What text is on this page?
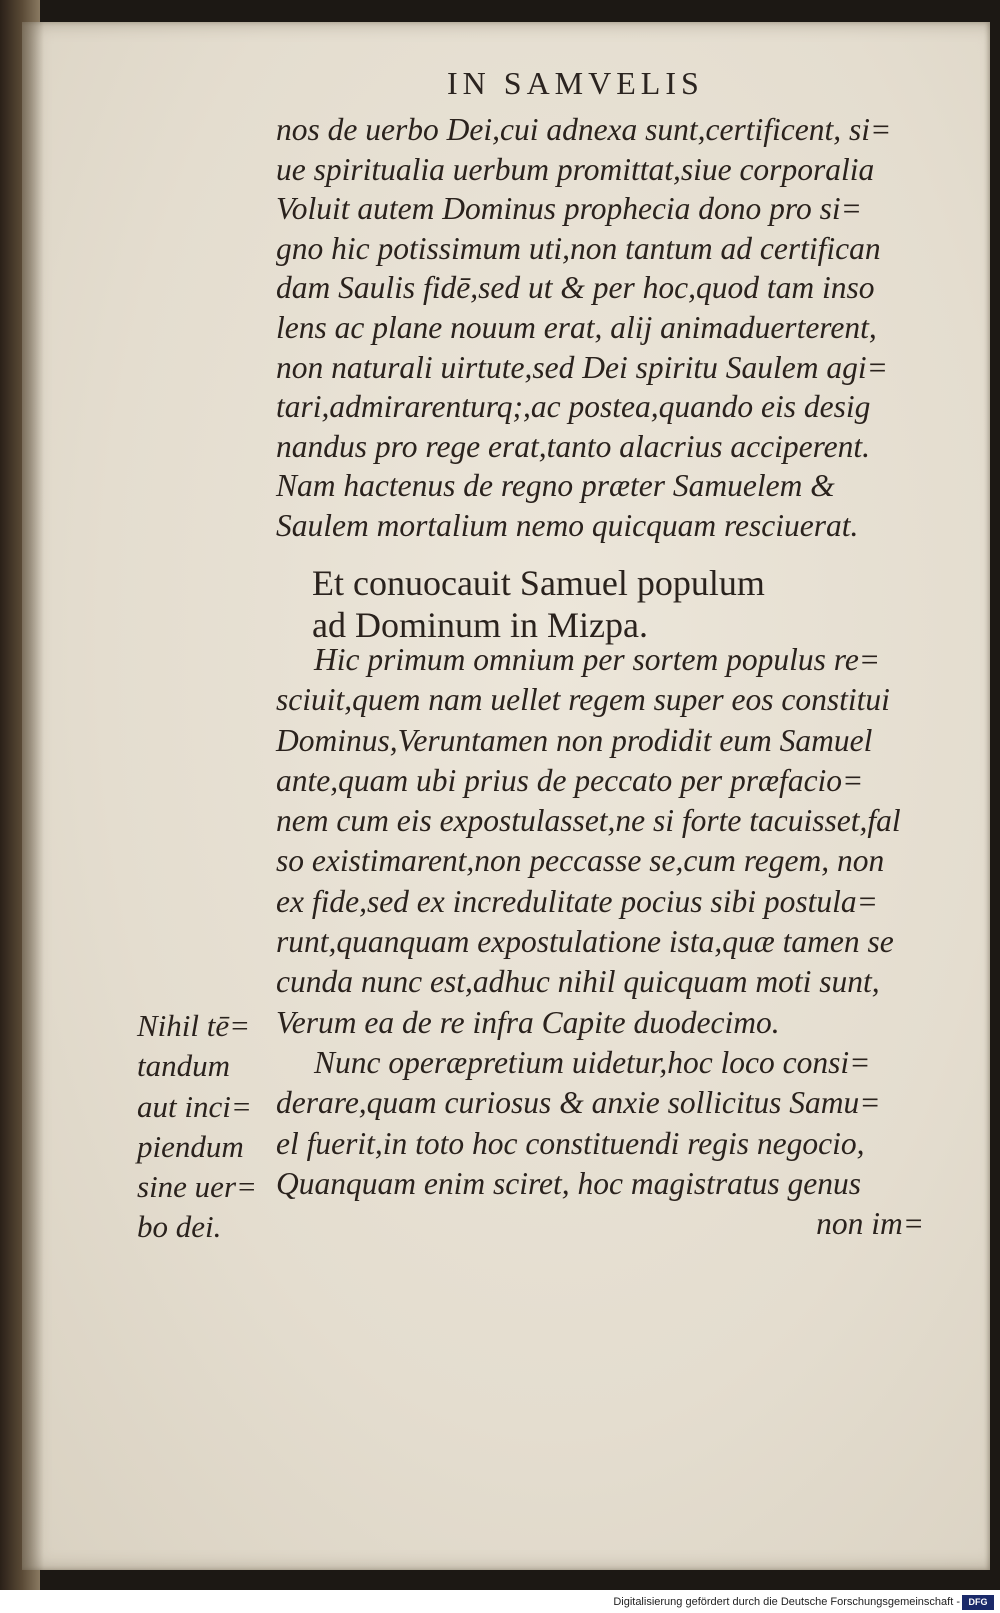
IN SAMVELIS
nos de uerbo Dei,cui adnexa sunt,certificent, si=
ue spiritualia uerbum promittat,siue corporalia
Voluit autem Dominus prophecia dono pro si=
gno hic potissimum uti,non tantum ad certifican
dam Saulis fidē,sed ut & per hoc,quod tam inso
lens ac plane nouum erat, alij animaduerterent,
non naturali uirtute,sed Dei spiritu Saulem agi=
tari,admirarenturq;,ac postea,quando eis desig
nandus pro rege erat,tanto alacrius acciperent.
Nam hactenus de regno præter Samuelem &
Saulem mortalium nemo quicquam resciuerat.
Et conuocauit Samuel populum
ad Dominum in Mizpa.
Hic primum omnium per sortem populus re=
sciuit,quem nam uellet regem super eos constitui
Dominus,Veruntamen non prodidit eum Samuel
ante,quam ubi prius de peccato per præfacio=
nem cum eis expostulasset,ne si forte tacuisset,fal
so existimarent,non peccasse se,cum regem, non
ex fide,sed ex incredulitate pocius sibi postula=
runt,quanquam expostulatione ista,quæ tamen se
cunda nunc est,adhuc nihil quicquam moti sunt,
Verum ea de re infra Capite duodecimo.
Nunc operæpretium uidetur,hoc loco consi=
derare,quam curiosus & anxie sollicitus Samu=
el fuerit,in toto hoc constituendi regis negocio,
Quanquam enim sciret, hoc magistratus genus
non im=
Nihil tē=
tandum
aut inci=
piendum
sine uer=
bo dei.
Digitalisierung gefördert durch die Deutsche Forschungsgemeinschaft - DFG
